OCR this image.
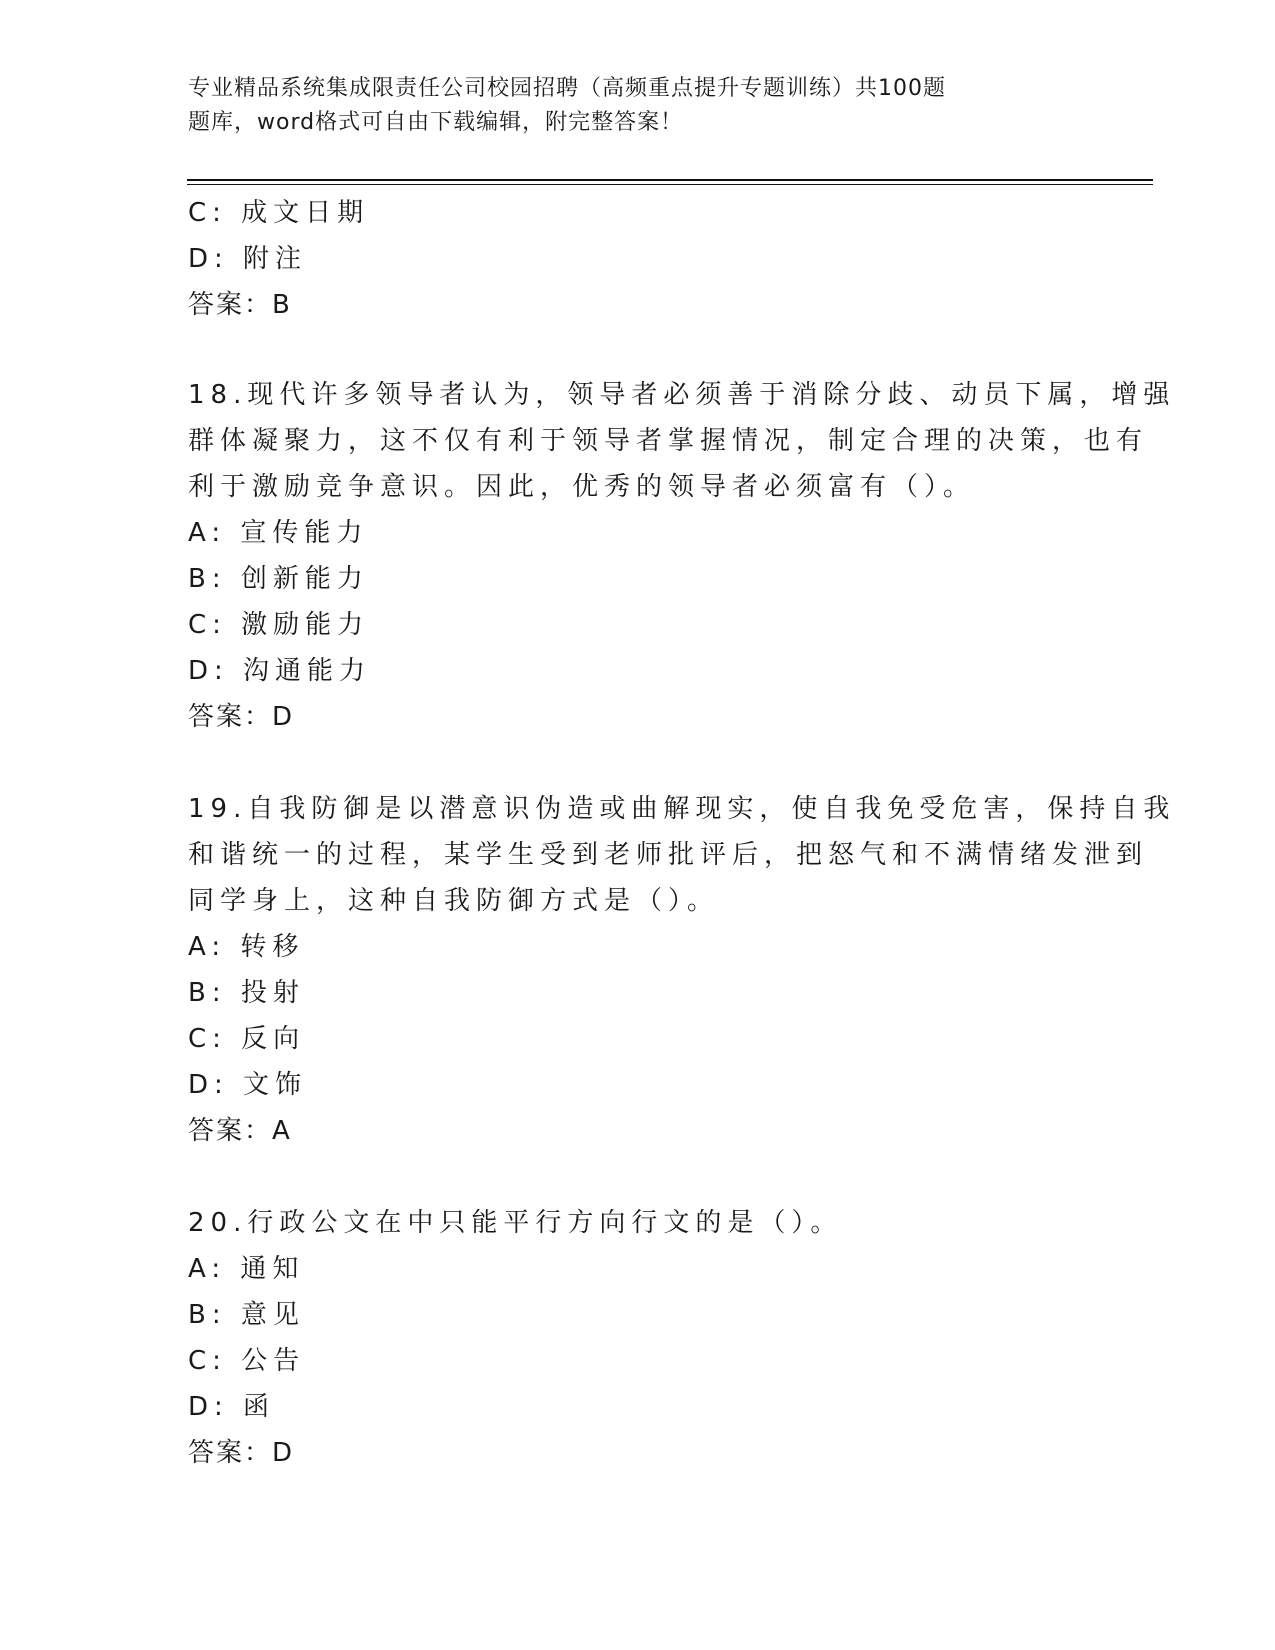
专业精品系统集成限责任公司校园招聘（高频重点提升专题训练）共100题
题库，word格式可自由下载编辑，附完整答案！
C: 成文日期
D: 附注
答案：B
18.现代许多领导者认为，领导者必须善于消除分歧、动员下属，增强
群体凝聚力，这不仅有利于领导者掌握情况，制定合理的决策，也有
利于激励竞争意识。因此，优秀的领导者必须富有（）。
A: 宣传能力
B: 创新能力
C: 激励能力
D: 沟通能力
答案：D
19.自我防御是以潜意识伪造或曲解现实，使自我免受危害，保持自我
和谐统一的过程，某学生受到老师批评后，把怒气和不满情绪发泄到
同学身上，这种自我防御方式是（）。
A: 转移
B: 投射
C: 反向
D: 文饰
答案：A
20.行政公文在中只能平行方向行文的是（）。
A: 通知
B: 意见
C: 公告
D: 函
答案：D
